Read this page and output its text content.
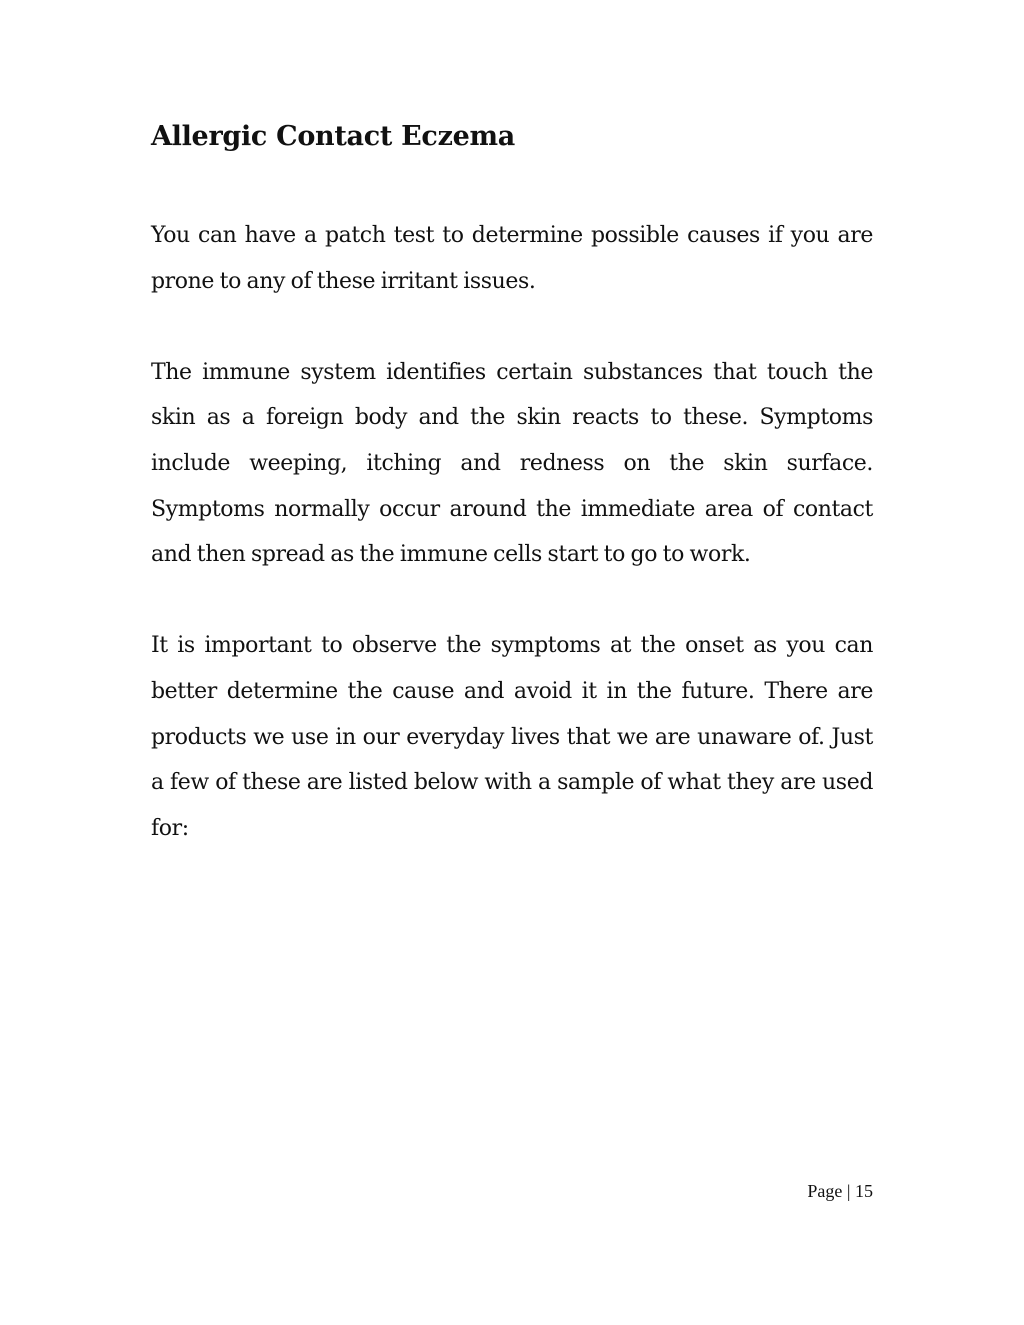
Allergic Contact Eczema

You can have a patch test to determine possible causes if you are prone to any of these irritant issues.

The immune system identifies certain substances that touch the skin as a foreign body and the skin reacts to these. Symptoms include weeping, itching and redness on the skin surface. Symptoms normally occur around the immediate area of contact and then spread as the immune cells start to go to work.

It is important to observe the symptoms at the onset as you can better determine the cause and avoid it in the future. There are products we use in our everyday lives that we are unaware of. Just a few of these are listed below with a sample of what they are used for:

Page | 15
